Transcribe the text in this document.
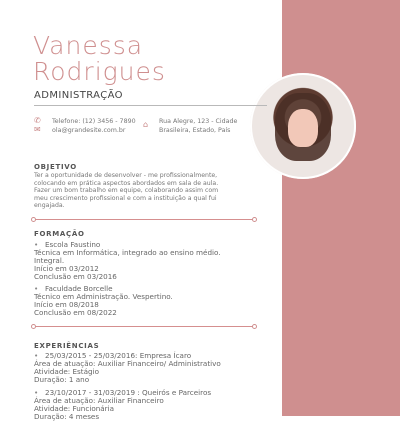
Vanessa
Rodrigues
ADMINISTRAÇÃO
✆ Telefone: (12) 3456 - 7890
✉ ola@grandesite.com.br
⌂ Rua Alegre, 123 - Cidade
Brasileira, Estado, País
OBJETIVO
Ter a oportunidade de desenvolver - me profissionalmente,
colocando em prática aspectos abordados em sala de aula.
Fazer um bom trabalho em equipe, colaborando assim com
meu crescimento profissional e com a instituição a qual fui
engajada.
FORMAÇÃO
• Escola Faustino
Técnica em Informática, integrado ao ensino médio.
Integral.
Início em 03/2012
Conclusão em 03/2016
• Faculdade Borcelle
Técnico em Administração. Vespertino.
Início em 08/2018
Conclusão em 08/2022
EXPERIÊNCIAS
• 25/03/2015 - 25/03/2016: Empresa Ícaro
Área de atuação: Auxiliar Financeiro/ Administrativo
Atividade: Estágio
Duração: 1 ano
• 23/10/2017 - 31/03/2019 : Queirós e Parceiros
Área de atuação: Auxiliar Financeiro
Atividade: Funcionária
Duração: 4 meses
